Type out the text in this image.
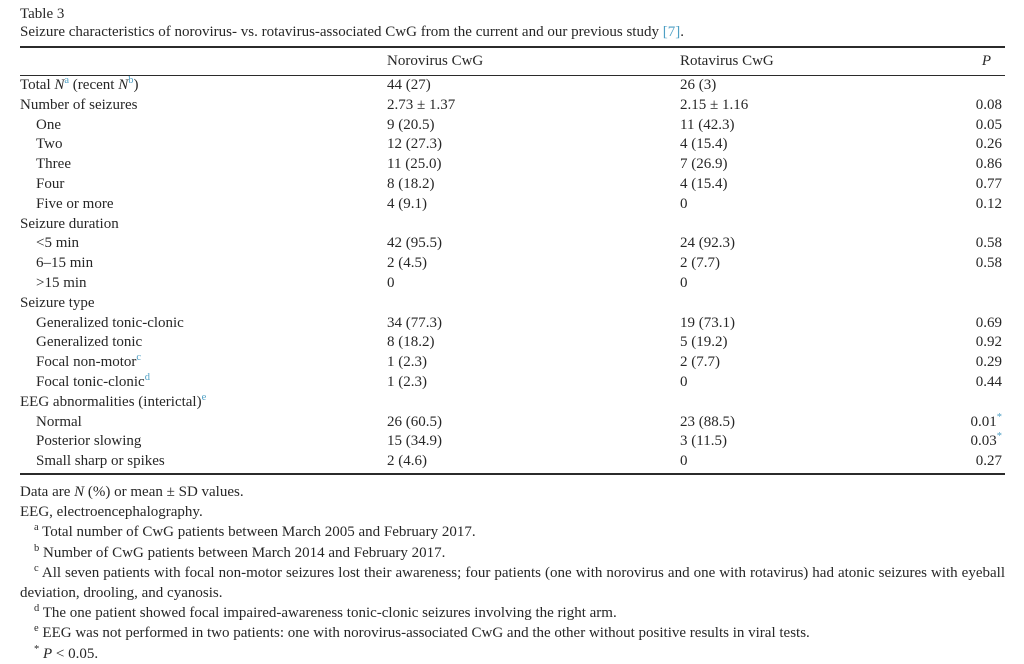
Table 3
Seizure characteristics of norovirus- vs. rotavirus-associated CwG from the current and our previous study [7].
	Norovirus CwG	Rotavirus CwG	P
Total N$^a$ (recent N$^b$)	44 (27)	26 (3)	
Number of seizures	2.73 ± 1.37	2.15 ± 1.16	0.08
One	9 (20.5)	11 (42.3)	0.05
Two	12 (27.3)	4 (15.4)	0.26
Three	11 (25.0)	7 (26.9)	0.86
Four	8 (18.2)	4 (15.4)	0.77
Five or more	4 (9.1)	0	0.12
Seizure duration			
<5 min	42 (95.5)	24 (92.3)	0.58
6–15 min	2 (4.5)	2 (7.7)	0.58
>15 min	0	0	
Seizure type			
Generalized tonic-clonic	34 (77.3)	19 (73.1)	0.69
Generalized tonic	8 (18.2)	5 (19.2)	0.92
Focal non-motor$^c$	1 (2.3)	2 (7.7)	0.29
Focal tonic-clonic$^d$	1 (2.3)	0	0.44
EEG abnormalities (interictal)$^e$			
Normal	26 (60.5)	23 (88.5)	0.01*
Posterior slowing	15 (34.9)	3 (11.5)	0.03*
Small sharp or spikes	2 (4.6)	0	0.27

Data are N (%) or mean ± SD values.

EEG, electroencephalography.

$^a$ Total number of CwG patients between March 2005 and February 2017.

$^b$ Number of CwG patients between March 2014 and February 2017.

$^c$ All seven patients with focal non-motor seizures lost their awareness; four patients (one with norovirus and one with rotavirus) had atonic seizures with eyeball deviation, drooling, and cyanosis.

$^d$ The one patient showed focal impaired-awareness tonic-clonic seizures involving the right arm.

$^e$ EEG was not performed in two patients: one with norovirus-associated CwG and the other without positive results in viral tests.

* P < 0.05.
